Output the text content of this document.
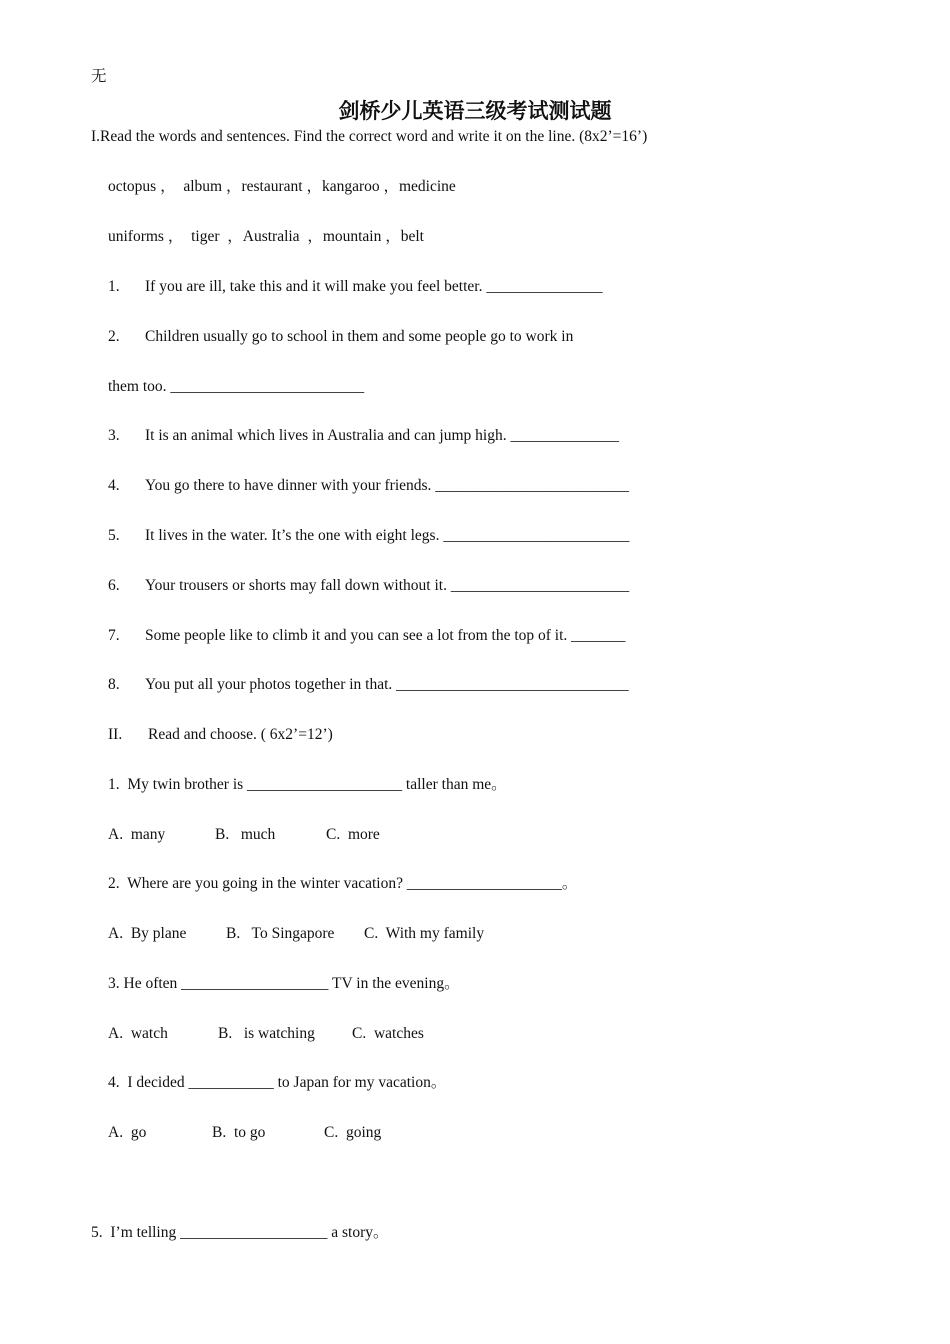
无
剑桥少儿英语三级考试测试题
I.Read the words and sentences. Find the correct word and write it on the line. (8x2’=16’)
octopus ，  album ，restaurant ，kangaroo ，medicine
uniforms ，  tiger  ，Australia  ，mountain ，belt
1. If you are ill, take this and it will make you feel better. _______________
2. Children usually go to school in them and some people go to work in
them too. _________________________
3. It is an animal which lives in Australia and can jump high. ______________
4. You go there to have dinner with your friends. _________________________
5. It lives in the water. It’s the one with eight legs. ________________________
6. Your trousers or shorts may fall down without it. _______________________
7. Some people like to climb it and you can see a lot from the top of it. _______
8. You put all your photos together in that. ______________________________
II. Read and choose. ( 6x2’=12’)
1.  My twin brother is ____________________ taller than me。
A.  many	B.   much	C.  more
2.  Where are you going in the winter vacation? ____________________。
A.  By plane	B.   To Singapore C.  With my family
3. He often ___________________ TV in the evening。
A.  watch	B.   is watching C.  watches
4.  I decided ___________ to Japan for my vacation。
A.  go	B.  to go	C.  going
5.  I’m telling ___________________ a story。
